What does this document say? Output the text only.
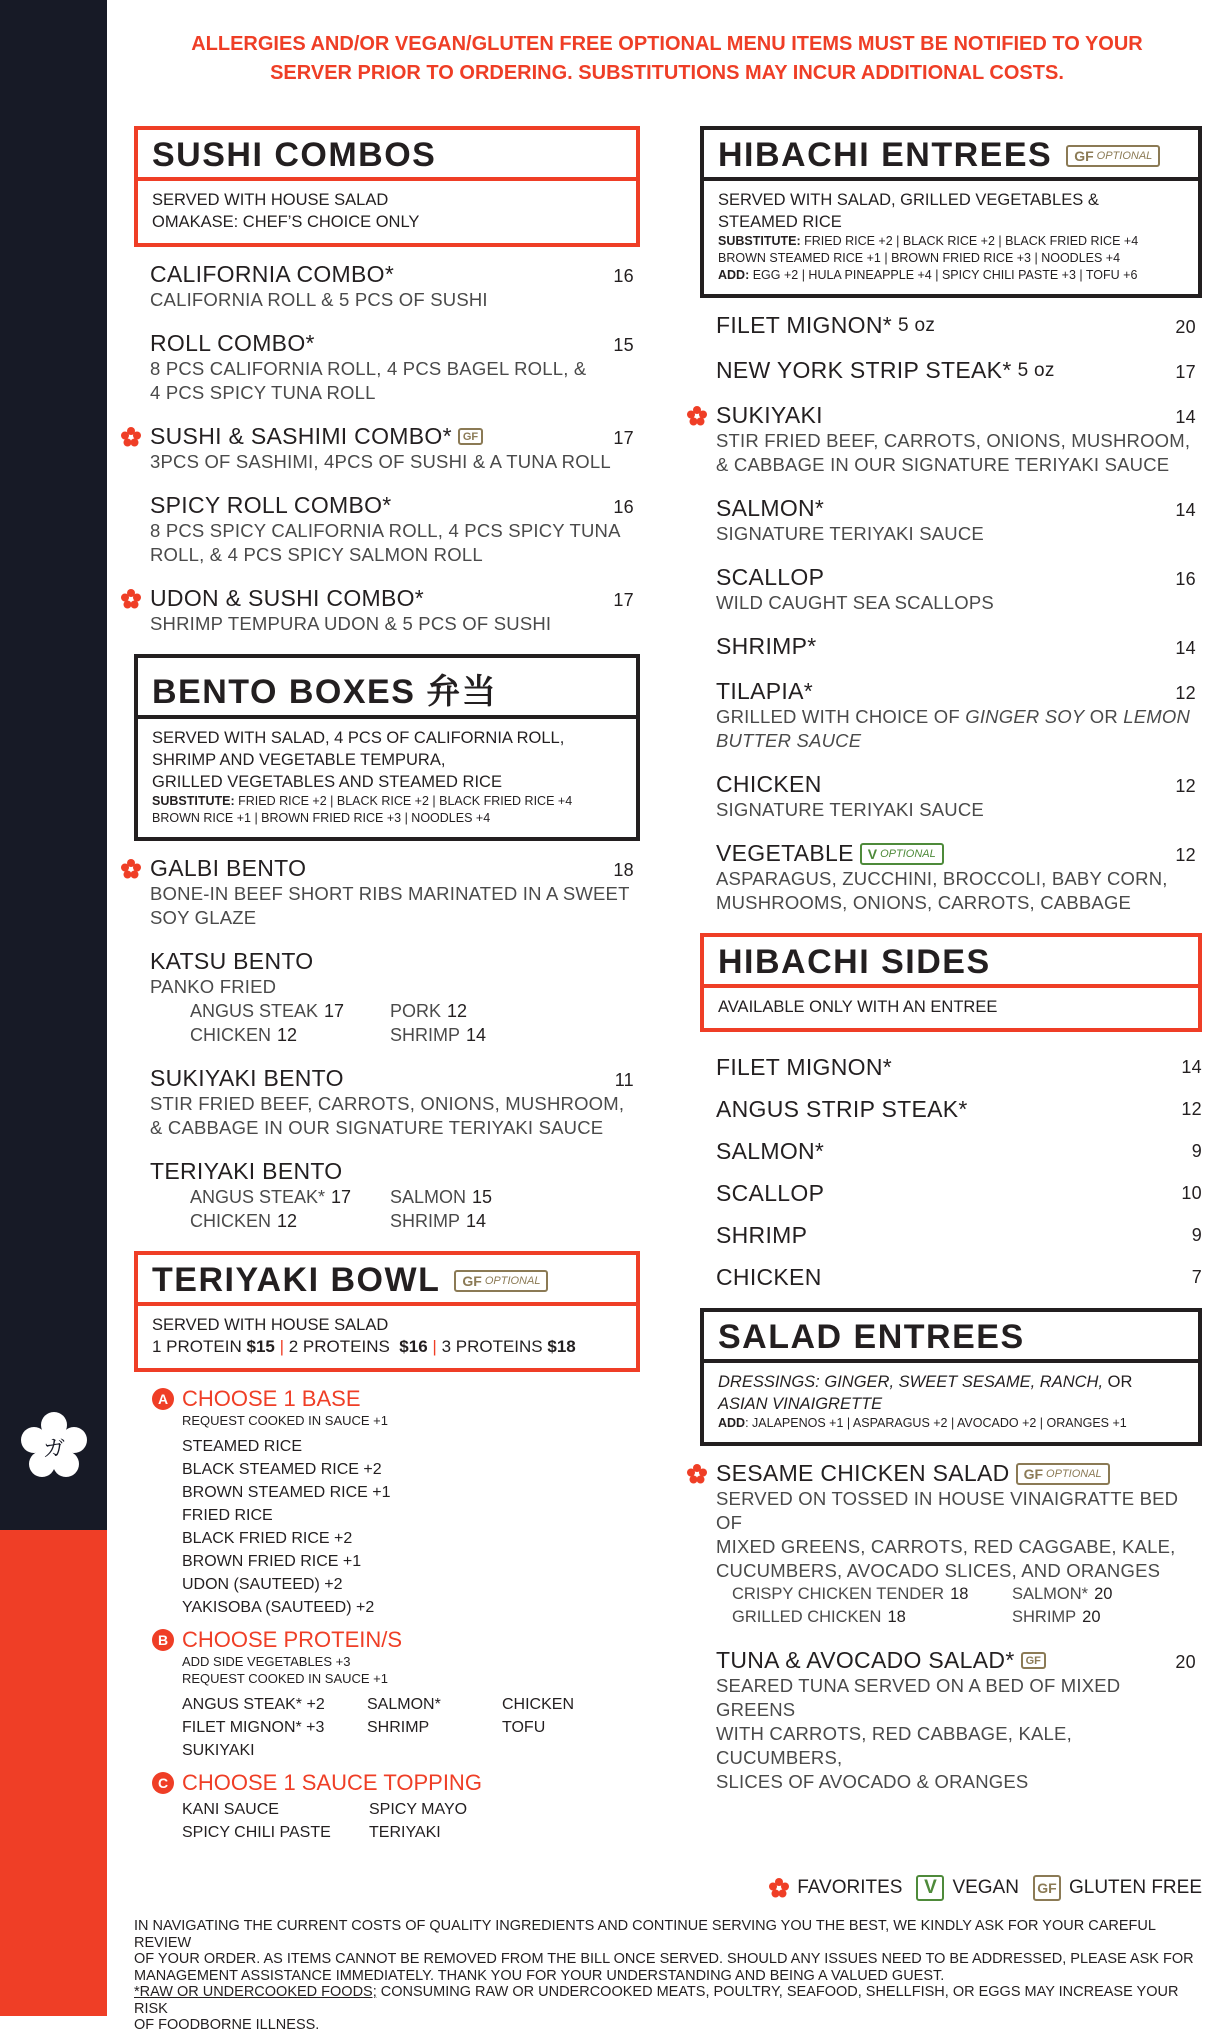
ガ
ALLERGIES AND/OR VEGAN/GLUTEN FREE OPTIONAL MENU ITEMS MUST BE NOTIFIED TO YOUR
SERVER PRIOR TO ORDERING. SUBSTITUTIONS MAY INCUR ADDITIONAL COSTS.
SUSHI COMBOS
SERVED WITH HOUSE SALAD
OMAKASE: CHEF’S CHOICE ONLY
CALIFORNIA COMBO*	16
CALIFORNIA ROLL & 5 PCS OF SUSHI
ROLL COMBO*	15
8 PCS CALIFORNIA ROLL, 4 PCS BAGEL ROLL, &
4 PCS SPICY TUNA ROLL
SUSHI & SASHIMI COMBO*	GF	17
3PCS OF SASHIMI, 4PCS OF SUSHI & A TUNA ROLL
SPICY ROLL COMBO*	16
8 PCS SPICY CALIFORNIA ROLL, 4 PCS SPICY TUNA
ROLL, & 4 PCS SPICY SALMON ROLL
UDON & SUSHI COMBO*	17
SHRIMP TEMPURA UDON & 5 PCS OF SUSHI
BENTO BOXES 弁当
SERVED WITH SALAD, 4 PCS OF CALIFORNIA ROLL,
SHRIMP AND VEGETABLE TEMPURA,
GRILLED VEGETABLES AND STEAMED RICE
SUBSTITUTE: FRIED RICE +2 | BLACK RICE +2 | BLACK FRIED RICE +4
BROWN RICE +1 | BROWN FRIED RICE +3 | NOODLES +4
GALBI BENTO	18
BONE-IN BEEF SHORT RIBS MARINATED IN A SWEET
SOY GLAZE
KATSU BENTO
PANKO FRIED
ANGUS STEAK 17	PORK 12
CHICKEN 12	SHRIMP 14
SUKIYAKI BENTO	11
STIR FRIED BEEF, CARROTS, ONIONS, MUSHROOM,
& CABBAGE IN OUR SIGNATURE TERIYAKI SAUCE
TERIYAKI BENTO
ANGUS STEAK* 17	SALMON 15
CHICKEN 12	SHRIMP 14
TERIYAKI BOWL GF OPTIONAL
SERVED WITH HOUSE SALAD
1 PROTEIN $15 | 2 PROTEINS $16 | 3 PROTEINS $18
A CHOOSE 1 BASE
REQUEST COOKED IN SAUCE +1
STEAMED RICE
BLACK STEAMED RICE +2
BROWN STEAMED RICE +1
FRIED RICE
BLACK FRIED RICE +2
BROWN FRIED RICE +1
UDON (SAUTEED) +2
YAKISOBA (SAUTEED) +2
B CHOOSE PROTEIN/S
ADD SIDE VEGETABLES +3
REQUEST COOKED IN SAUCE +1
ANGUS STEAK* +2	SALMON*	CHICKEN
FILET MIGNON* +3	SHRIMP	TOFU
SUKIYAKI
C CHOOSE 1 SAUCE TOPPING
KANI SAUCE	SPICY MAYO
SPICY CHILI PASTE	TERIYAKI
HIBACHI ENTREES GF OPTIONAL
SERVED WITH SALAD, GRILLED VEGETABLES &
STEAMED RICE
SUBSTITUTE: FRIED RICE +2 | BLACK RICE +2 | BLACK FRIED RICE +4
BROWN STEAMED RICE +1 | BROWN FRIED RICE +3 | NOODLES +4
ADD: EGG +2 | HULA PINEAPPLE +4 | SPICY CHILI PASTE +3 | TOFU +6
FILET MIGNON* 5 oz	20
NEW YORK STRIP STEAK* 5 oz	17
SUKIYAKI	14
STIR FRIED BEEF, CARROTS, ONIONS, MUSHROOM,
& CABBAGE IN OUR SIGNATURE TERIYAKI SAUCE
SALMON*	14
SIGNATURE TERIYAKI SAUCE
SCALLOP	16
WILD CAUGHT SEA SCALLOPS
SHRIMP*	14
TILAPIA*	12
GRILLED WITH CHOICE OF GINGER SOY OR LEMON
BUTTER SAUCE
CHICKEN	12
SIGNATURE TERIYAKI SAUCE
VEGETABLE V OPTIONAL	12
ASPARAGUS, ZUCCHINI, BROCCOLI, BABY CORN,
MUSHROOMS, ONIONS, CARROTS, CABBAGE
HIBACHI SIDES
AVAILABLE ONLY WITH AN ENTREE
FILET MIGNON*	14
ANGUS STRIP STEAK*	12
SALMON*	9
SCALLOP	10
SHRIMP	9
CHICKEN	7
SALAD ENTREES
DRESSINGS: GINGER, SWEET SESAME, RANCH, OR ASIAN VINAIGRETTE
ADD: JALAPENOS +1 | ASPARAGUS +2 | AVOCADO +2 | ORANGES +1
SESAME CHICKEN SALAD GF OPTIONAL
SERVED ON TOSSED IN HOUSE VINAIGRATTE BED OF
MIXED GREENS, CARROTS, RED CAGGABE, KALE,
CUCUMBERS, AVOCADO SLICES, AND ORANGES
CRISPY CHICKEN TENDER 18	SALMON* 20
GRILLED CHICKEN 18	SHRIMP 20
TUNA & AVOCADO SALAD*	GF	20
SEARED TUNA SERVED ON A BED OF MIXED GREENS
WITH CARROTS, RED CABBAGE, KALE, CUCUMBERS,
SLICES OF AVOCADO & ORANGES
FAVORITES	V VEGAN	GF GLUTEN FREE
IN NAVIGATING THE CURRENT COSTS OF QUALITY INGREDIENTS AND CONTINUE SERVING YOU THE BEST, WE KINDLY ASK FOR YOUR CAREFUL REVIEW
OF YOUR ORDER. AS ITEMS CANNOT BE REMOVED FROM THE BILL ONCE SERVED. SHOULD ANY ISSUES NEED TO BE ADDRESSED, PLEASE ASK FOR
MANAGEMENT ASSISTANCE IMMEDIATELY. THANK YOU FOR YOUR UNDERSTANDING AND BEING A VALUED GUEST.
*RAW OR UNDERCOOKED FOODS; CONSUMING RAW OR UNDERCOOKED MEATS, POULTRY, SEAFOOD, SHELLFISH, OR EGGS MAY INCREASE YOUR RISK
OF FOODBORNE ILLNESS.
